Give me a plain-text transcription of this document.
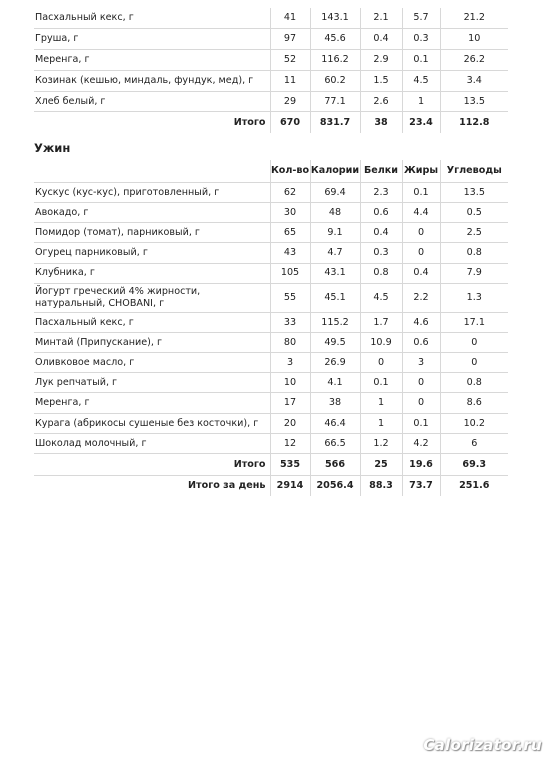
Пасхальный кекс, г	41	143.1	2.1	5.7	21.2
Груша, г	97	45.6	0.4	0.3	10
Меренга, г	52	116.2	2.9	0.1	26.2
Козинак (кешью, миндаль, фундук, мед), г	11	60.2	1.5	4.5	3.4
Хлеб белый, г	29	77.1	2.6	1	13.5
Итого	670	831.7	38	23.4	112.8
Ужин
	Кол-во	Калории	Белки	Жиры	Углеводы
Кускус (кус-кус), приготовленный, г	62	69.4	2.3	0.1	13.5
Авокадо, г	30	48	0.6	4.4	0.5
Помидор (томат), парниковый, г	65	9.1	0.4	0	2.5
Огурец парниковый, г	43	4.7	0.3	0	0.8
Клубника, г	105	43.1	0.8	0.4	7.9
Йогурт греческий 4% жирности, натуральный, CHOBANI, г	55	45.1	4.5	2.2	1.3
Пасхальный кекс, г	33	115.2	1.7	4.6	17.1
Минтай (Припускание), г	80	49.5	10.9	0.6	0
Оливковое масло, г	3	26.9	0	3	0
Лук репчатый, г	10	4.1	0.1	0	0.8
Меренга, г	17	38	1	0	8.6
Курага (абрикосы сушеные без косточки), г	20	46.4	1	0.1	10.2
Шоколад молочный, г	12	66.5	1.2	4.2	6
Итого	535	566	25	19.6	69.3
Итого за день	2914	2056.4	88.3	73.7	251.6
Calorizator.ru
